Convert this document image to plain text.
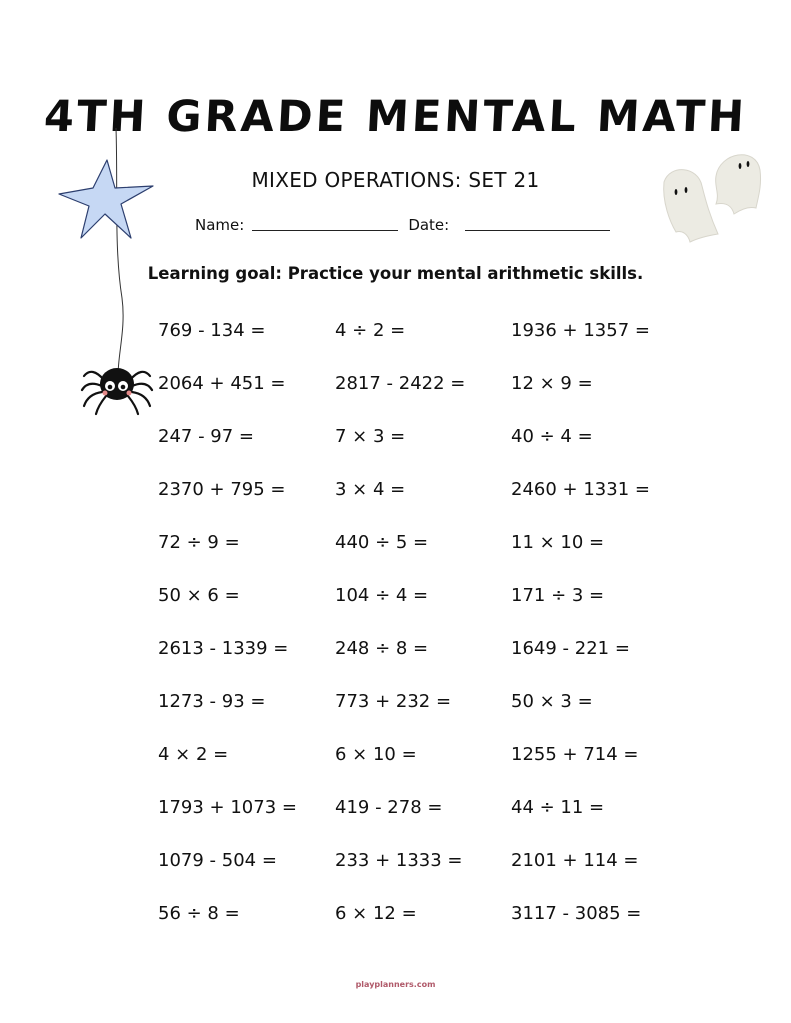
4TH GRADE MENTAL MATH
MIXED OPERATIONS: SET 21
Name:	Date:
Learning goal: Practice your mental arithmetic skills.
769 - 134 =	4 ÷ 2 =	1936 + 1357 =
2064 + 451 =	2817 - 2422 =	12 × 9 =
247 - 97 =	7 × 3 =	40 ÷ 4 =
2370 + 795 =	3 × 4 =	2460 + 1331 =
72 ÷ 9 =	440 ÷ 5 =	11 × 10 =
50 × 6 =	104 ÷ 4 =	171 ÷ 3 =
2613 - 1339 =	248 ÷ 8 =	1649 - 221 =
1273 - 93 =	773 + 232 =	50 × 3 =
4 × 2 =	6 × 10 =	1255 + 714 =
1793 + 1073 =	419 - 278 =	44 ÷ 11 =
1079 - 504 =	233 + 1333 =	2101 + 114 =
56 ÷ 8 =	6 × 12 =	3117 - 3085 =
playplanners.com
